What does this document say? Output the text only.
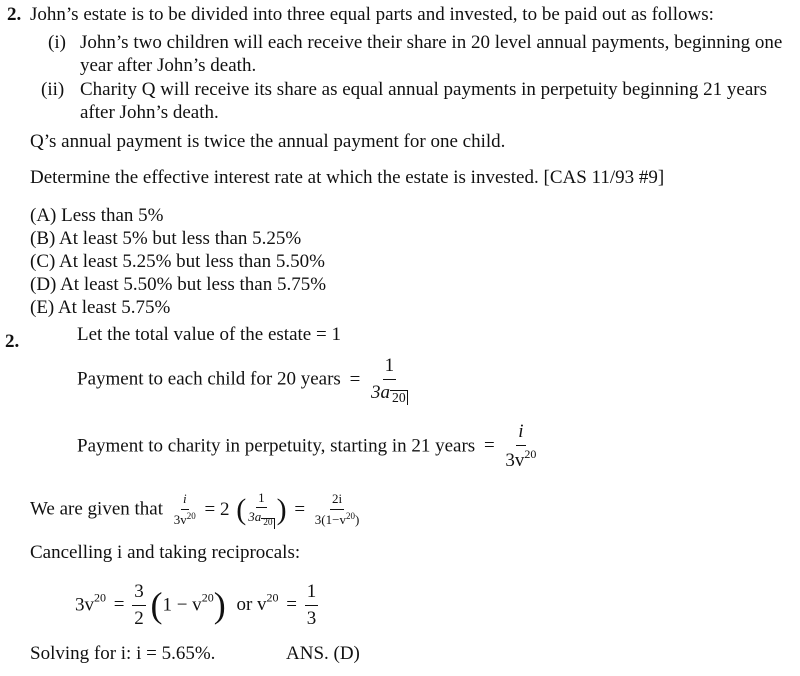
2. John’s estate is to be divided into three equal parts and invested, to be paid out as follows:
(i) John’s two children will each receive their share in 20 level annual payments, beginning one
year after John’s death.
(ii) Charity Q will receive its share as equal annual payments in perpetuity beginning 21 years
after John’s death.
Q’s annual payment is twice the annual payment for one child.
Determine the effective interest rate at which the estate is invested. [CAS 11/93 #9]
(A) Less than 5%
(B) At least 5% but less than 5.25%
(C) At least 5.25% but less than 5.50%
(D) At least 5.50% but less than 5.75%
(E) At least 5.75%
2.	Let the total value of the estate = 1
Payment to each child for 20 years = $\frac{1}{3a 20}$
Payment to charity in perpetuity, starting in 21 years = $\frac{i}{3v^{20}}$
We are given that $\frac{i}{3v^{20}} = 2$ ( $\frac{1}{3a 20}$ ) = $\frac{2i}{3(1-v^{20})}$
Cancelling i and taking reciprocals:
$3v^{20} = \frac{3}{2} (1 - v^{20})$ or $v^{20} = \frac{1}{3}$
Solving for i: i = 5.65%.	ANS. (D)
